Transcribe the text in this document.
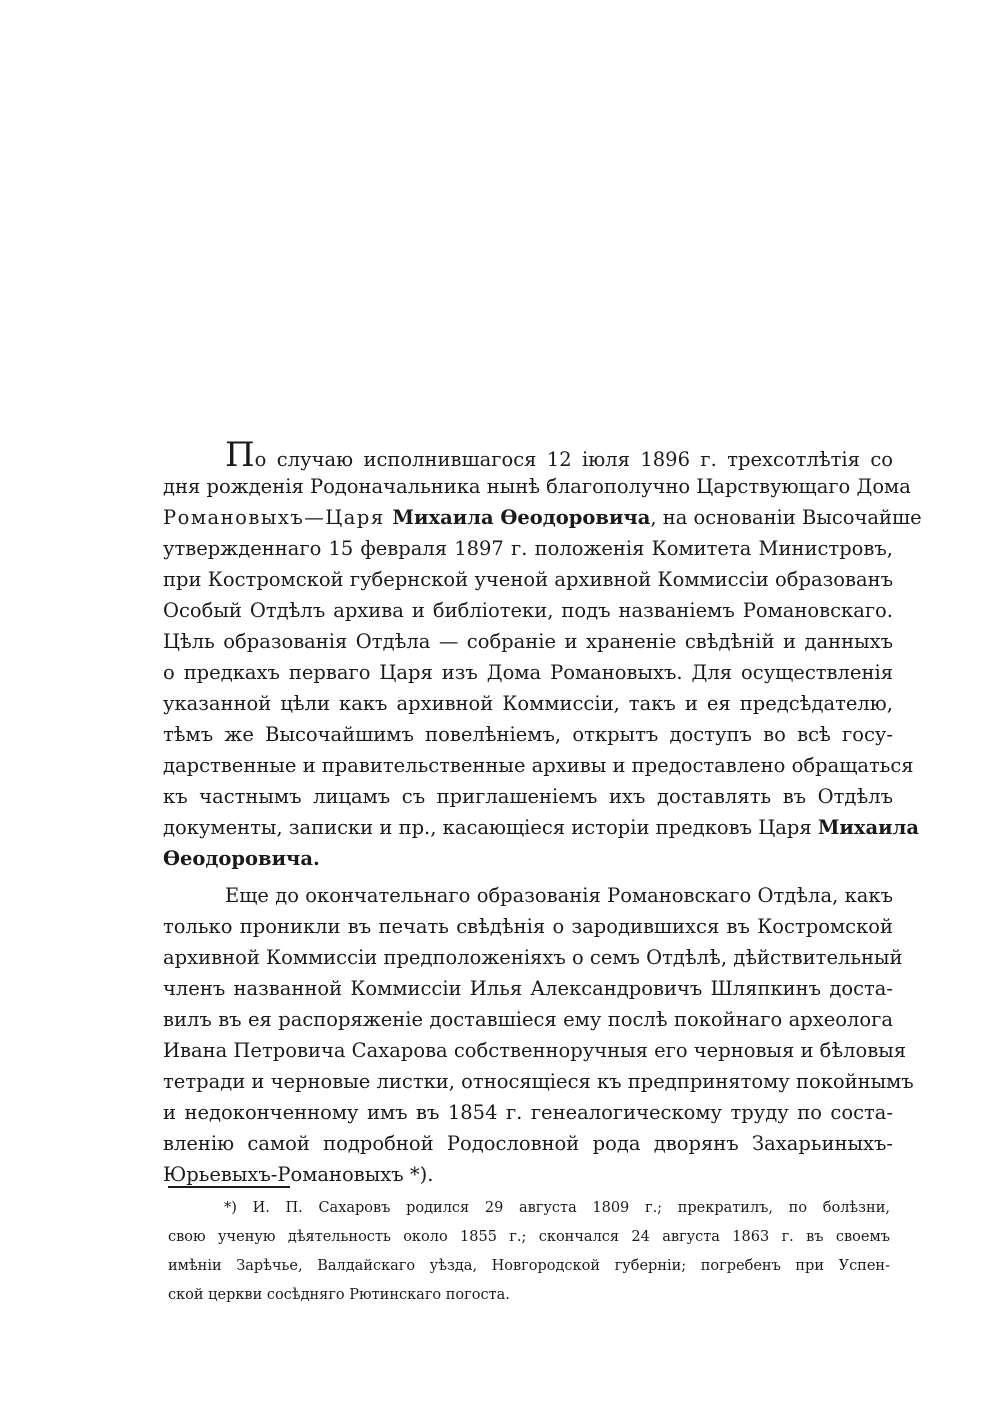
По случаю исполнившагося 12 іюля 1896 г. трехсотлѣтія со
дня рожденія Родоначальника нынѣ благополучно Царствующаго Дома
Романовыхъ—Царя Михаила Ѳеодоровича, на основаніи Высочайше
утвержденнаго 15 февраля 1897 г. положенія Комитета Министровъ,
при Костромской губернской ученой архивной Коммиссіи образованъ
Особый Отдѣлъ архива и библіотеки, подъ названіемъ Романовскаго.
Цѣль образованія Отдѣла — собраніе и храненіе свѣдѣній и данныхъ
о предкахъ перваго Царя изъ Дома Романовыхъ. Для осуществленія
указанной цѣли какъ архивной Коммиссіи, такъ и ея предсѣдателю,
тѣмъ же Высочайшимъ повелѣніемъ, открытъ доступъ во всѣ госу-
дарственные и правительственные архивы и предоставлено обращаться
къ частнымъ лицамъ съ приглашеніемъ ихъ доставлять въ Отдѣлъ
документы, записки и пр., касающіеся исторіи предковъ Царя Михаила
Ѳеодоровича.
Еще до окончательнаго образованія Романовскаго Отдѣла, какъ
только проникли въ печать свѣдѣнія о зародившихся въ Костромской
архивной Коммиссіи предположеніяхъ о семъ Отдѣлѣ, дѣйствительный
членъ названной Коммиссіи Илья Александровичъ Шляпкинъ доста-
вилъ въ ея распоряженіе доставшіеся ему послѣ покойнаго археолога
Ивана Петровича Сахарова собственноручныя его черновыя и бѣловыя
тетради и черновые листки, относящіеся къ предпринятому покойнымъ
и недоконченному имъ въ 1854 г. генеалогическому труду по соста-
вленію самой подробной Родословной рода дворянъ Захарьиныхъ-
Юрьевыхъ-Романовыхъ *).
*) И. П. Сахаровъ родился 29 августа 1809 г.; прекратилъ, по болѣзни,
свою ученую дѣятельность около 1855 г.; скончался 24 августа 1863 г. въ своемъ
имѣніи Зарѣчье, Валдайскаго уѣзда, Новгородской губерніи; погребенъ при Успен-
ской церкви сосѣдняго Рютинскаго погоста.
